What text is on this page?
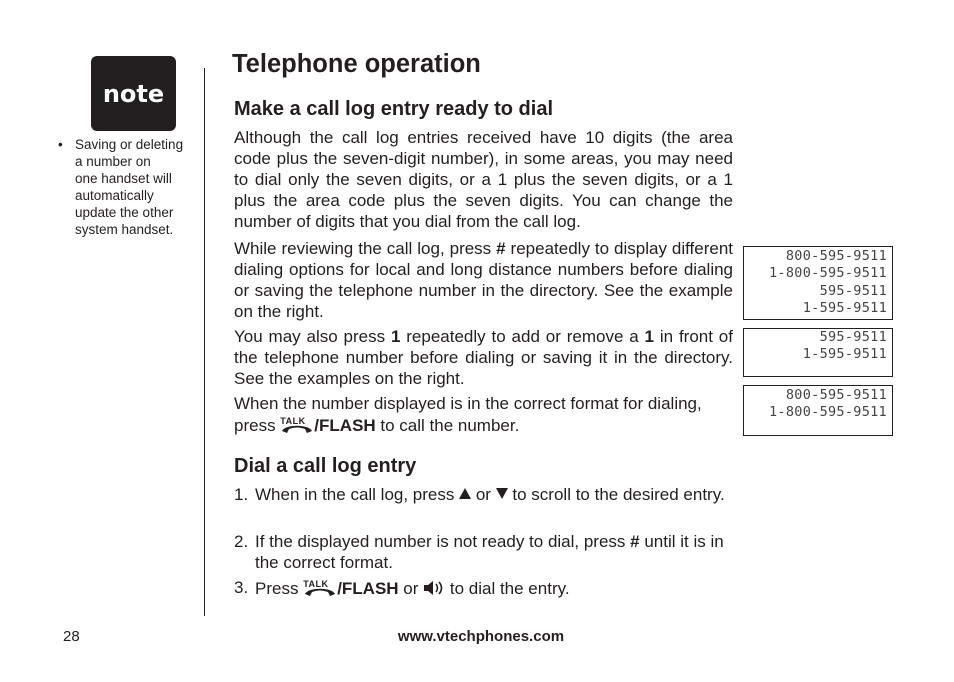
note
• Saving or deleting
a number on
one handset will
automatically
update the other
system handset.
Telephone operation
Make a call log entry ready to dial
Although the call log entries received have 10 digits (the area code plus the seven-digit number), in some areas, you may need to dial only the seven digits, or a 1 plus the seven digits, or a 1 plus the area code plus the seven digits. You can change the number of digits that you dial from the call log.
While reviewing the call log, press # repeatedly to display different dialing options for local and long distance numbers before dialing or saving the telephone number in the directory. See the example on the right.
You may also press 1 repeatedly to add or remove a 1 in front of the telephone number before dialing or saving it in the directory. See the examples on the right.
When the number displayed is in the correct format for dialing, press TALK /FLASH to call the number.
800-595-9511
1-800-595-9511
595-9511
1-595-9511
595-9511
1-595-9511
800-595-9511
1-800-595-9511
Dial a call log entry
1. When in the call log, press  or  to scroll to the desired entry.
2. If the displayed number is not ready to dial, press # until it is in the correct format.
3. Press TALK /FLASH or  to dial the entry.
28	www.vtechphones.com
